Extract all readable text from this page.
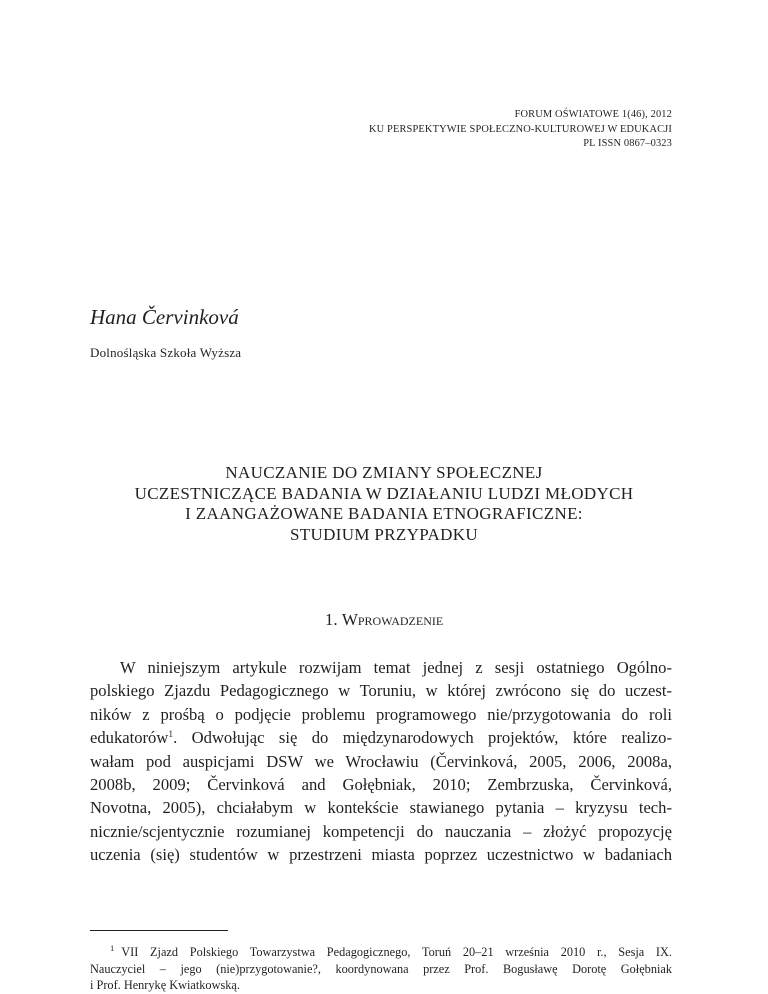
FORUM OŚWIATOWE 1(46), 2012
KU PERSPEKTYWIE SPOŁECZNO-KULTUROWEJ W EDUKACJI
PL ISSN 0867–0323
Hana Červinková
Dolnośląska Szkoła Wyższa
NAUCZANIE DO ZMIANY SPOŁECZNEJ
UCZESTNICZĄCE BADANIA W DZIAŁANIU LUDZI MŁODYCH
I ZAANGAŻOWANE BADANIA ETNOGRAFICZNE:
STUDIUM PRZYPADKU
1. Wprowadzenie
W niniejszym artykule rozwijam temat jednej z sesji ostatniego Ogólno-
polskiego Zjazdu Pedagogicznego w Toruniu, w której zwrócono się do uczest-
ników z prośbą o podjęcie problemu programowego nie/przygotowania do roli
edukatorów$^1$. Odwołując się do międzynarodowych projektów, które realizo-
wałam pod auspicjami DSW we Wrocławiu (Červinková, 2005, 2006, 2008a,
2008b, 2009; Červinková and Gołębniak, 2010; Zembrzuska, Červinková,
Novotna, 2005), chciałabym w kontekście stawianego pytania – kryzysu tech-
nicznie/scjentycznie rozumianej kompetencji do nauczania – złożyć propozycję
uczenia (się) studentów w przestrzeni miasta poprzez uczestnictwo w badaniach
$^1$ VII Zjazd Polskiego Towarzystwa Pedagogicznego, Toruń 20–21 września 2010 r., Sesja IX.
Nauczyciel – jego (nie)przygotowanie?, koordynowana przez Prof. Bogusławę Dorotę Gołębniak
i Prof. Henrykę Kwiatkowską.
